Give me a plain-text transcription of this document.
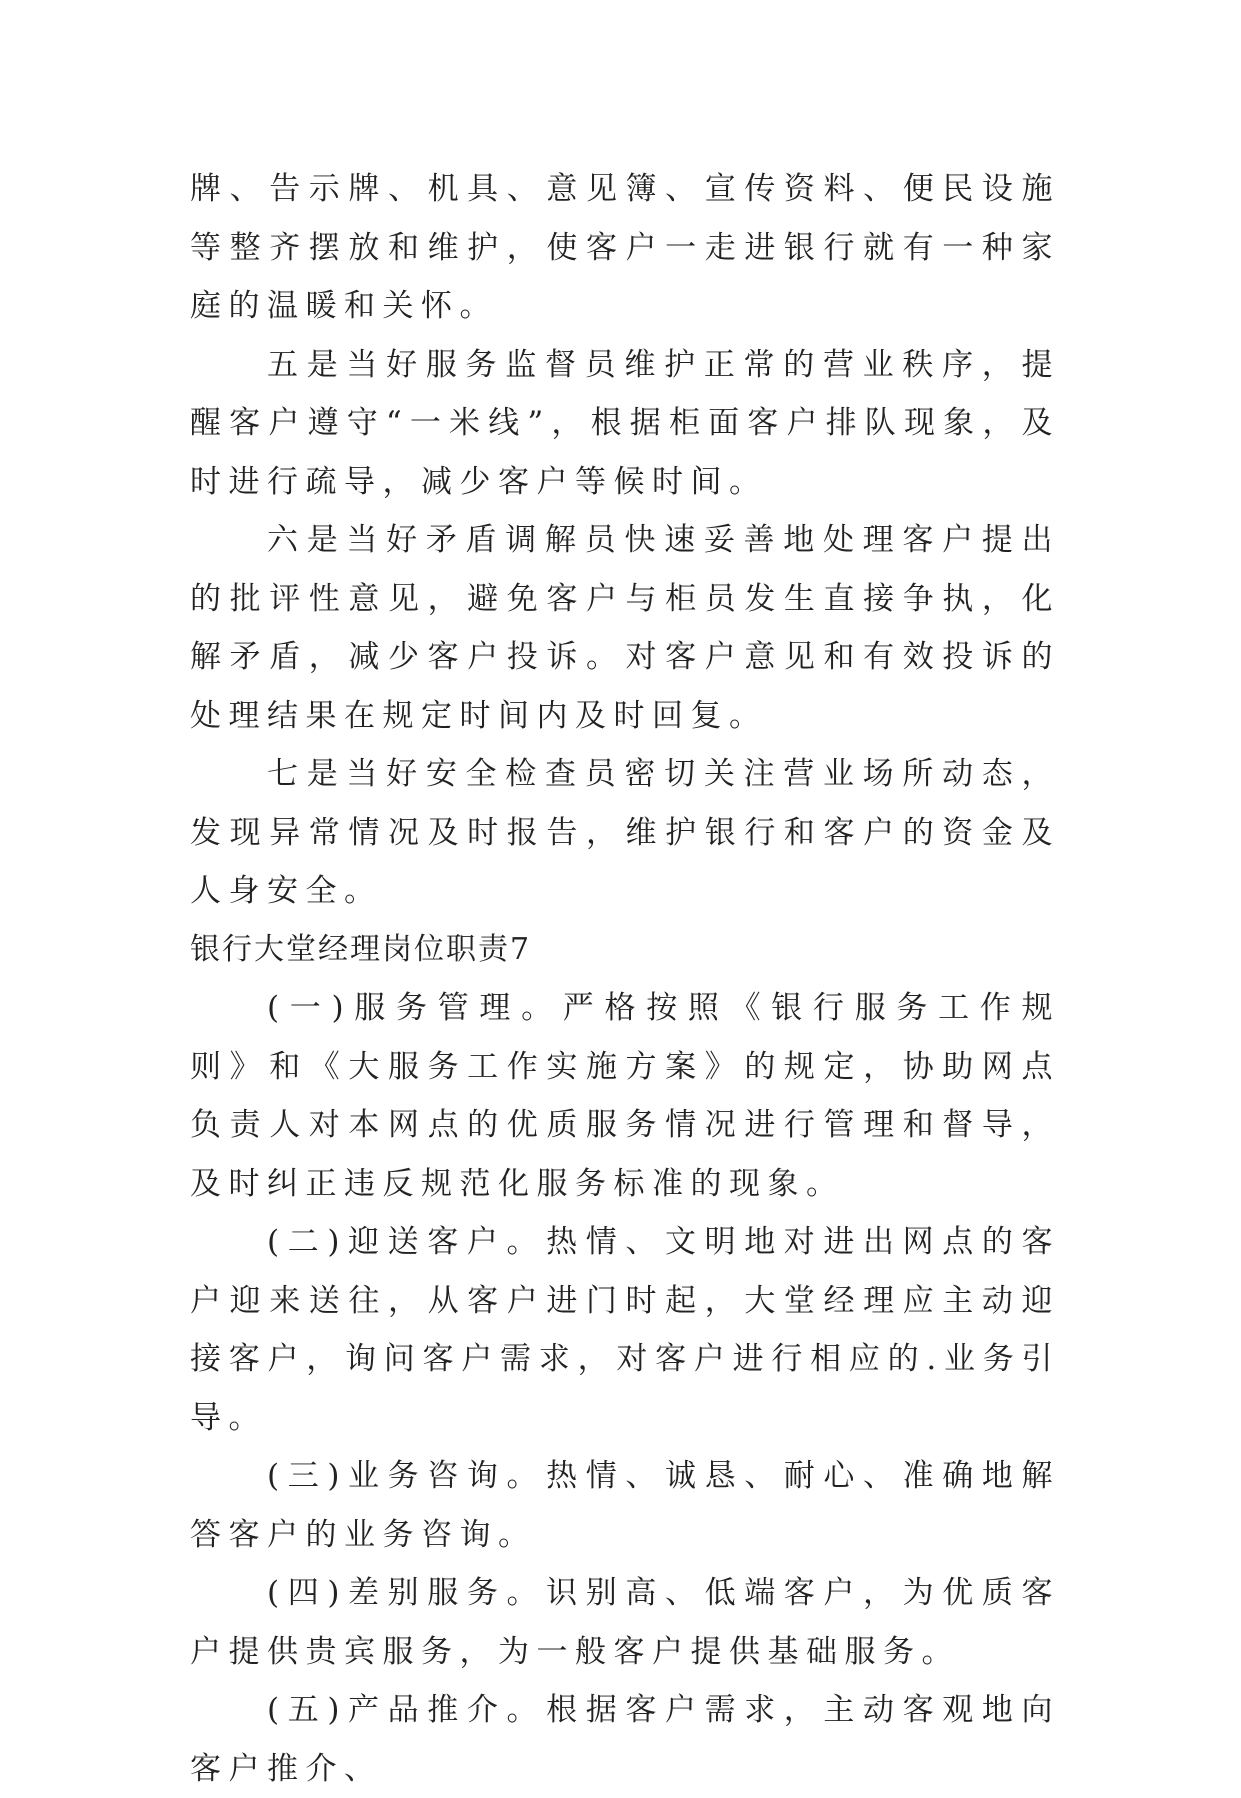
牌、告示牌、机具、意见簿、宣传资料、便民设施等整齐摆放和维护，使客户一走进银行就有一种家庭的温暖和关怀。

五是当好服务监督员维护正常的营业秩序，提醒客户遵守“一米线”，根据柜面客户排队现象，及时进行疏导，减少客户等候时间。

六是当好矛盾调解员快速妥善地处理客户提出的批评性意见，避免客户与柜员发生直接争执，化解矛盾，减少客户投诉。对客户意见和有效投诉的处理结果在规定时间内及时回复。

七是当好安全检查员密切关注营业场所动态，发现异常情况及时报告，维护银行和客户的资金及人身安全。

银行大堂经理岗位职责7

(一)服务管理。严格按照《银行服务工作规则》和《大服务工作实施方案》的规定，协助网点负责人对本网点的优质服务情况进行管理和督导，及时纠正违反规范化服务标准的现象。

(二)迎送客户。热情、文明地对进出网点的客户迎来送往，从客户进门时起，大堂经理应主动迎接客户，询问客户需求，对客户进行相应的.业务引导。

(三)业务咨询。热情、诚恳、耐心、准确地解答客户的业务咨询。

(四)差别服务。识别高、低端客户，为优质客户提供贵宾服务，为一般客户提供基础服务。

(五)产品推介。根据客户需求，主动客观地向客户推介、
